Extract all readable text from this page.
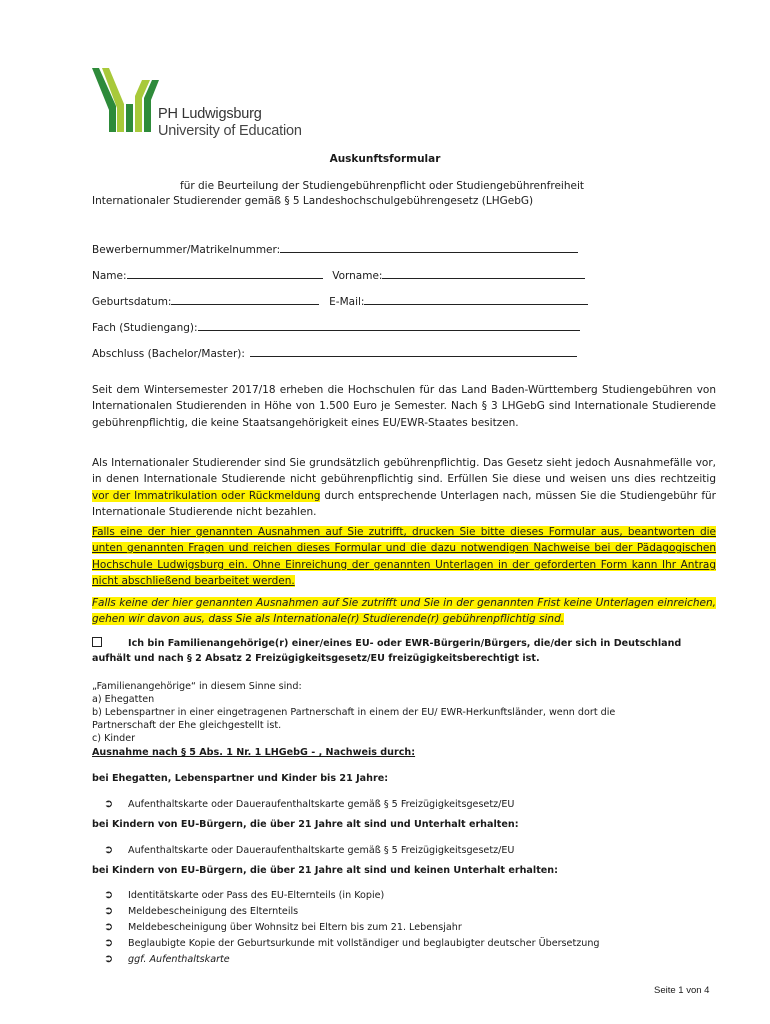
PH Ludwigsburg
University of Education
Auskunftsformular
für die Beurteilung der Studiengebührenpflicht oder Studiengebührenfreiheit
Internationaler Studierender gemäß § 5 Landeshochschulgebührengesetz (LHGebG)
Bewerbernummer/Matrikelnummer:
Name:	Vorname:
Geburtsdatum:	E-Mail:
Fach (Studiengang):
Abschluss (Bachelor/Master):
Seit dem Wintersemester 2017/18 erheben die Hochschulen für das Land Baden-Württemberg Studiengebühren von Internationalen Studierenden in Höhe von 1.500 Euro je Semester. Nach § 3 LHGebG sind Internationale Studierende gebührenpflichtig, die keine Staatsangehörigkeit eines EU/EWR-Staates besitzen.
Als Internationaler Studierender sind Sie grundsätzlich gebührenpflichtig. Das Gesetz sieht jedoch Ausnahmefälle vor, in denen Internationale Studierende nicht gebührenpflichtig sind. Erfüllen Sie diese und weisen uns dies rechtzeitig vor der Immatrikulation oder Rückmeldung durch entsprechende Unterlagen nach, müssen Sie die Studiengebühr für Internationale Studierende nicht bezahlen.
Falls eine der hier genannten Ausnahmen auf Sie zutrifft, drucken Sie bitte dieses Formular aus, beantworten die unten genannten Fragen und reichen dieses Formular und die dazu notwendigen Nachweise bei der Pädagogischen Hochschule Ludwigsburg ein. Ohne Einreichung der genannten Unterlagen in der geforderten Form kann Ihr Antrag nicht abschließend bearbeitet werden.
Falls keine der hier genannten Ausnahmen auf Sie zutrifft und Sie in der genannten Frist keine Unterlagen einreichen, gehen wir davon aus, dass Sie als Internationale(r) Studierende(r) gebührenpflichtig sind.
Ich bin Familienangehörige(r) einer/eines EU- oder EWR-Bürgerin/Bürgers, die/der sich in Deutschland aufhält und nach § 2 Absatz 2 Freizügigkeitsgesetz/EU freizügigkeitsberechtigt ist.
„Familienangehörige“ in diesem Sinne sind:
a) Ehegatten
b) Lebenspartner in einer eingetragenen Partnerschaft in einem der EU/ EWR-Herkunftsländer, wenn dort die
Partnerschaft der Ehe gleichgestellt ist.
c) Kinder
Ausnahme nach § 5 Abs. 1 Nr. 1 LHGebG - , Nachweis durch:
bei Ehegatten, Lebenspartner und Kinder bis 21 Jahre:
➲ Aufenthaltskarte oder Daueraufenthaltskarte gemäß § 5 Freizügigkeitsgesetz/EU
bei Kindern von EU-Bürgern, die über 21 Jahre alt sind und Unterhalt erhalten:
➲ Aufenthaltskarte oder Daueraufenthaltskarte gemäß § 5 Freizügigkeitsgesetz/EU
bei Kindern von EU-Bürgern, die über 21 Jahre alt sind und keinen Unterhalt erhalten:
➲ Identitätskarte oder Pass des EU-Elternteils (in Kopie)
➲ Meldebescheinigung des Elternteils
➲ Meldebescheinigung über Wohnsitz bei Eltern bis zum 21. Lebensjahr
➲ Beglaubigte Kopie der Geburtsurkunde mit vollständiger und beglaubigter deutscher Übersetzung
➲ ggf. Aufenthaltskarte
Seite 1 von 4
